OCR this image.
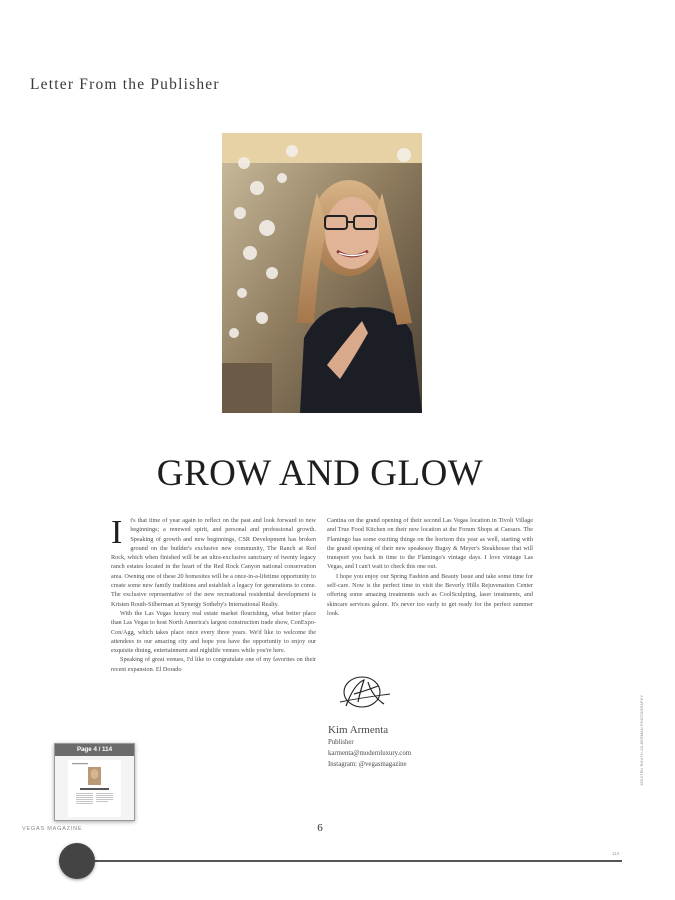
Letter From the Publisher
GROW AND GLOW

I t's that time of year again to reflect on the past and look forward to new beginnings; a renewed spirit, and personal and professional growth. Speaking of growth and new beginnings, CSR Development has broken ground on the builder's exclusive new community, The Ranch at Red Rock, which when finished will be an ultra-exclusive sanctuary of twenty legacy ranch estates located in the heart of the Red Rock Canyon national conservation area. Owning one of these 20 homesites will be a once-in-a-lifetime opportunity to create some new family traditions and establish a legacy for generations to come. The exclusive representative of the new recreational residential development is Kristen Routh-Silberman at Synergy Sotheby's International Realty.

With the Las Vegas luxury real estate market flourishing, what better place than Las Vegas to host North America's largest construction trade show, ConExpo-Con/Agg, which takes place once every three years. We'd like to welcome the attendees to our amazing city and hope you have the opportunity to enjoy our exquisite dining, entertainment and nightlife venues while you're here.

Speaking of great venues, I'd like to congratulate one of my favorites on their recent expansion. El Dorado

Cantina on the grand opening of their second Las Vegas location in Tivoli Village and True Food Kitchen on their new location at the Forum Shops at Caesars. The Flamingo has some exciting things on the horizon this year as well, starting with the grand opening of their new speakeasy Bugsy & Meyer's Steakhouse that will transport you back in time to the Flamingo's vintage days. I love vintage Las Vegas, and I can't wait to check this one out.

I hope you enjoy our Spring Fashion and Beauty Issue and take some time for self-care. Now is the perfect time to visit the Beverly Hills Rejuvenation Center offering some amazing treatments such as CoolSculpting, laser treatments, and skincare services galore. It's never too early to get ready for the perfect summer look.

Kim Armenta
Publisher
karmenta@modernluxury.com
Instagram: @vegasmagazine	KRISTEN ROUTH-SILBERMAN PHOTOGRAPHY
VEGAS MAGAZINE	6
114
Page 4 / 114
